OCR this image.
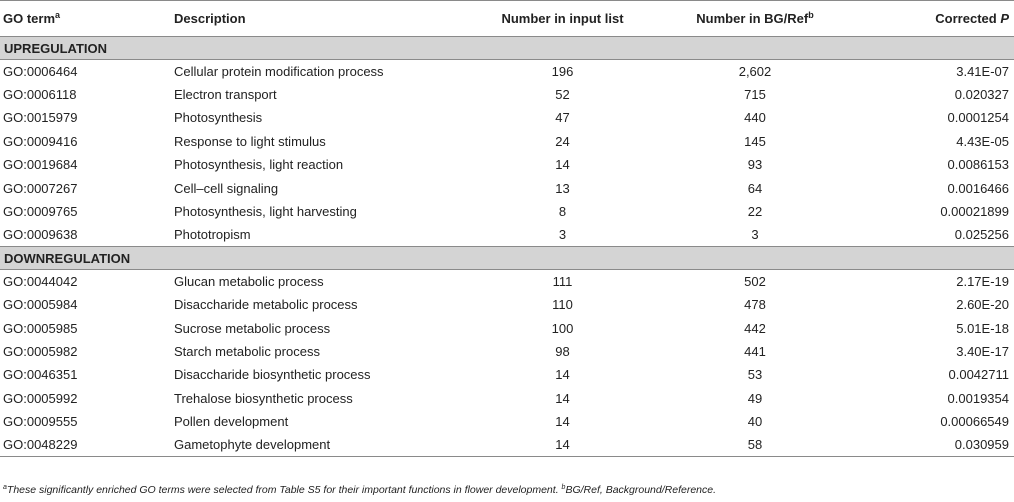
GO term$^a$	Description	Number in input list	Number in BG/Ref$^b$	Corrected P
UPREGULATION				
GO:0006464	Cellular protein modification process	196	2,602	3.41E-07
GO:0006118	Electron transport	52	715	0.020327
GO:0015979	Photosynthesis	47	440	0.0001254
GO:0009416	Response to light stimulus	24	145	4.43E-05
GO:0019684	Photosynthesis, light reaction	14	93	0.0086153
GO:0007267	Cell–cell signaling	13	64	0.0016466
GO:0009765	Photosynthesis, light harvesting	8	22	0.00021899
GO:0009638	Phototropism	3	3	0.025256
DOWNREGULATION				
GO:0044042	Glucan metabolic process	111	502	2.17E-19
GO:0005984	Disaccharide metabolic process	110	478	2.60E-20
GO:0005985	Sucrose metabolic process	100	442	5.01E-18
GO:0005982	Starch metabolic process	98	441	3.40E-17
GO:0046351	Disaccharide biosynthetic process	14	53	0.0042711
GO:0005992	Trehalose biosynthetic process	14	49	0.0019354
GO:0009555	Pollen development	14	40	0.00066549
GO:0048229	Gametophyte development	14	58	0.030959
$^a$These significantly enriched GO terms were selected from Table S5 for their important functions in flower development. $^b$BG/Ref, Background/Reference.
